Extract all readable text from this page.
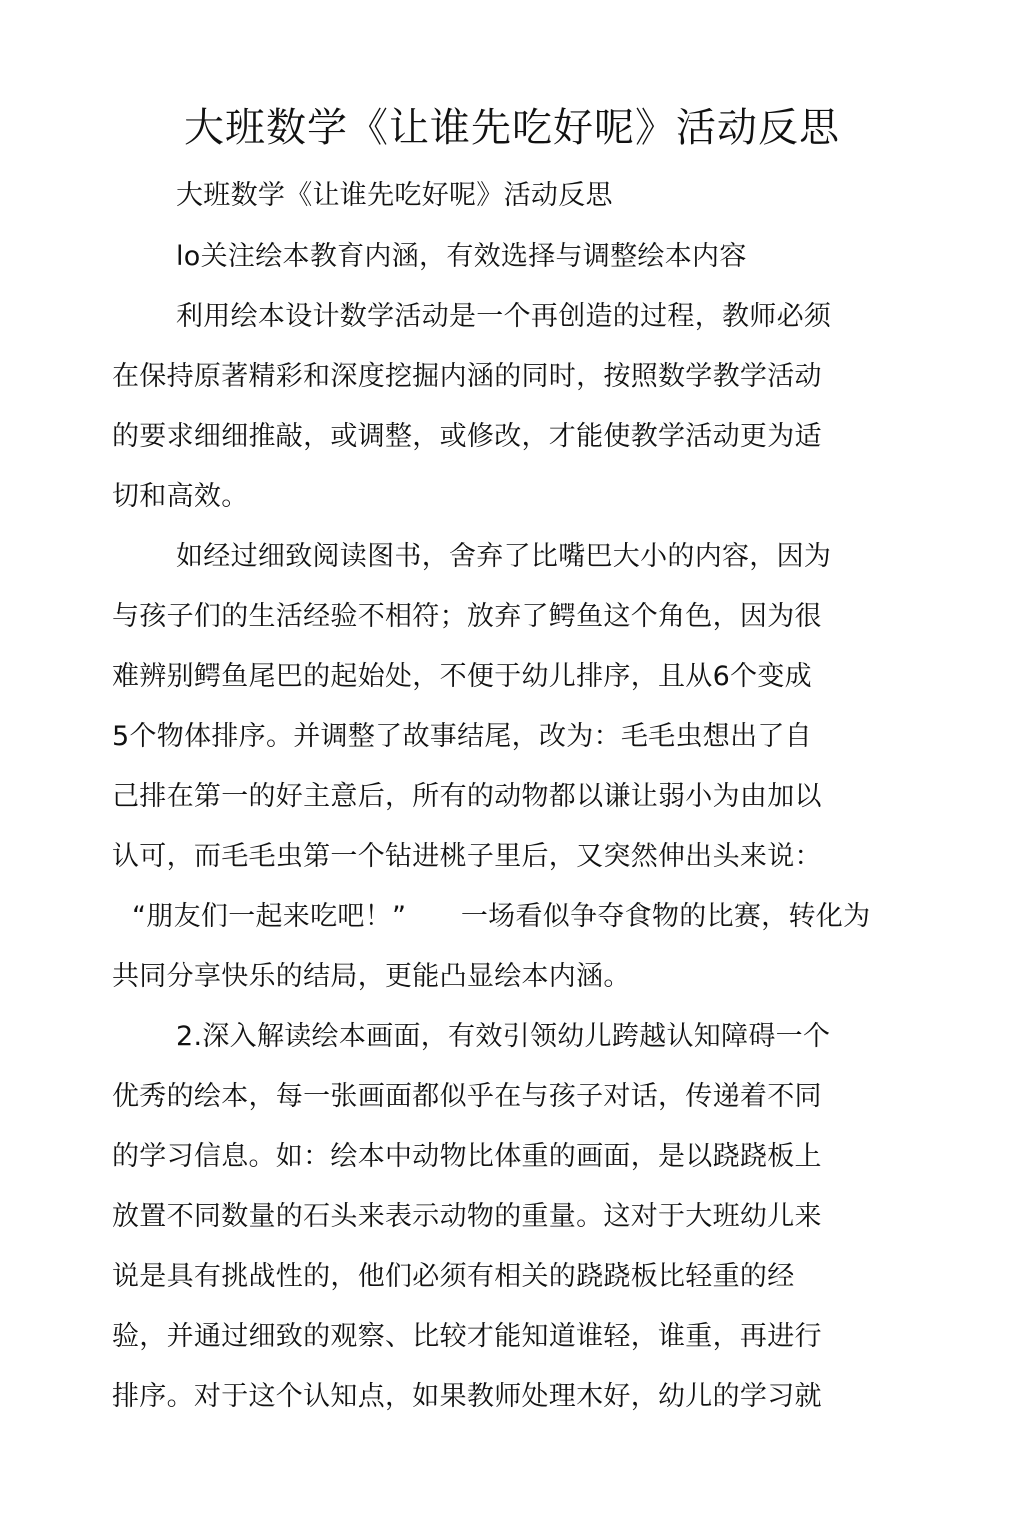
大班数学《让谁先吃好呢》活动反思
大班数学《让谁先吃好呢》活动反思
lo关注绘本教育内涵，有效选择与调整绘本内容
利用绘本设计数学活动是一个再创造的过程，教师必须
在保持原著精彩和深度挖掘内涵的同时，按照数学教学活动
的要求细细推敲，或调整，或修改，才能使教学活动更为适
切和高效。
如经过细致阅读图书，舍弃了比嘴巴大小的内容，因为
与孩子们的生活经验不相符；放弃了鳄鱼这个角色，因为很
难辨别鳄鱼尾巴的起始处，不便于幼儿排序，且从6个变成
5个物体排序。并调整了故事结尾，改为：毛毛虫想出了自
己排在第一的好主意后，所有的动物都以谦让弱小为由加以
认可，而毛毛虫第一个钻进桃子里后，又突然伸出头来说：
“朋友们一起来吃吧！”　　一场看似争夺食物的比赛，转化为
共同分享快乐的结局，更能凸显绘本内涵。
2.深入解读绘本画面，有效引领幼儿跨越认知障碍一个
优秀的绘本，每一张画面都似乎在与孩子对话，传递着不同
的学习信息。如：绘本中动物比体重的画面，是以跷跷板上
放置不同数量的石头来表示动物的重量。这对于大班幼儿来
说是具有挑战性的，他们必须有相关的跷跷板比轻重的经
验，并通过细致的观察、比较才能知道谁轻，谁重，再进行
排序。对于这个认知点，如果教师处理木好，幼儿的学习就
